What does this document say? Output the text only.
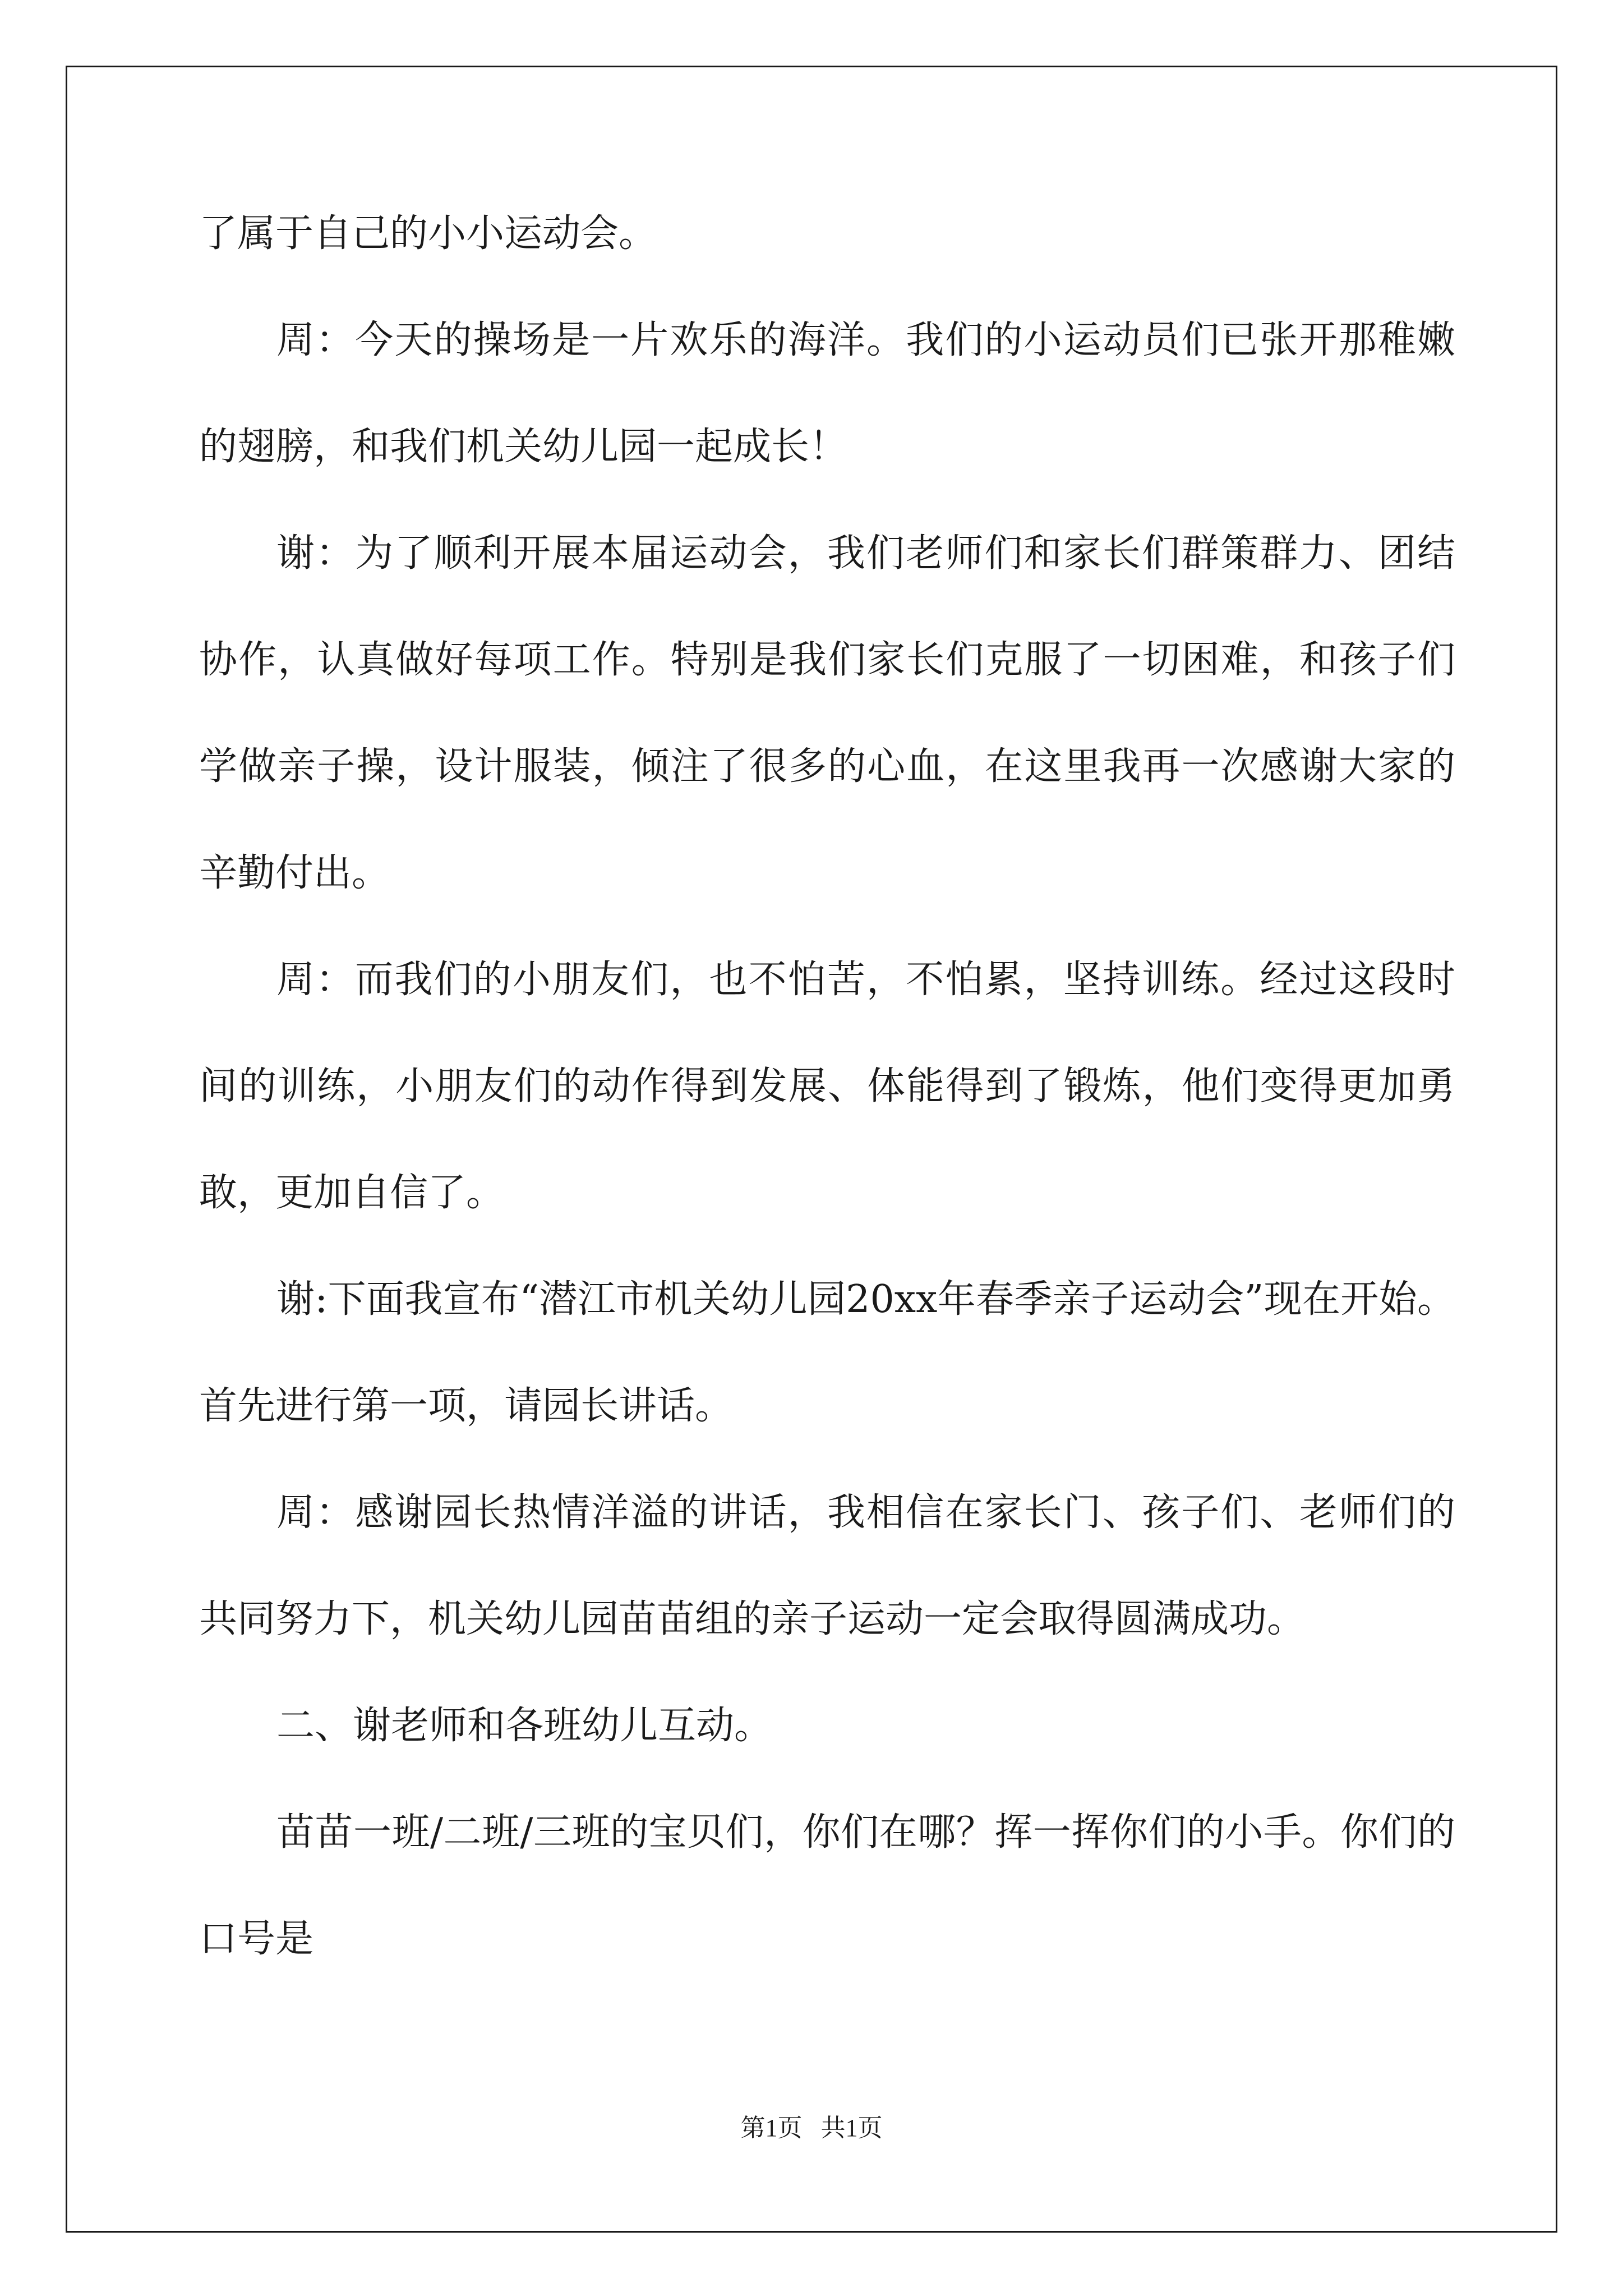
了属于自己的小小运动会。

周：今天的操场是一片欢乐的海洋。我们的小运动员们已张开那稚嫩的翅膀，和我们机关幼儿园一起成长！

谢：为了顺利开展本届运动会，我们老师们和家长们群策群力、团结协作，认真做好每项工作。特别是我们家长们克服了一切困难，和孩子们学做亲子操，设计服装，倾注了很多的心血，在这里我再一次感谢大家的辛勤付出。

周：而我们的小朋友们，也不怕苦，不怕累，坚持训练。经过这段时间的训练，小朋友们的动作得到发展、体能得到了锻炼，他们变得更加勇敢，更加自信了。

谢:下面我宣布“潜江市机关幼儿园20xx年春季亲子运动会”现在开始。首先进行第一项，请园长讲话。

周：感谢园长热情洋溢的讲话，我相信在家长门、孩子们、老师们的共同努力下，机关幼儿园苗苗组的亲子运动一定会取得圆满成功。

二、谢老师和各班幼儿互动。

苗苗一班/二班/三班的宝贝们，你们在哪？挥一挥你们的小手。你们的口号是

第1页   共1页
